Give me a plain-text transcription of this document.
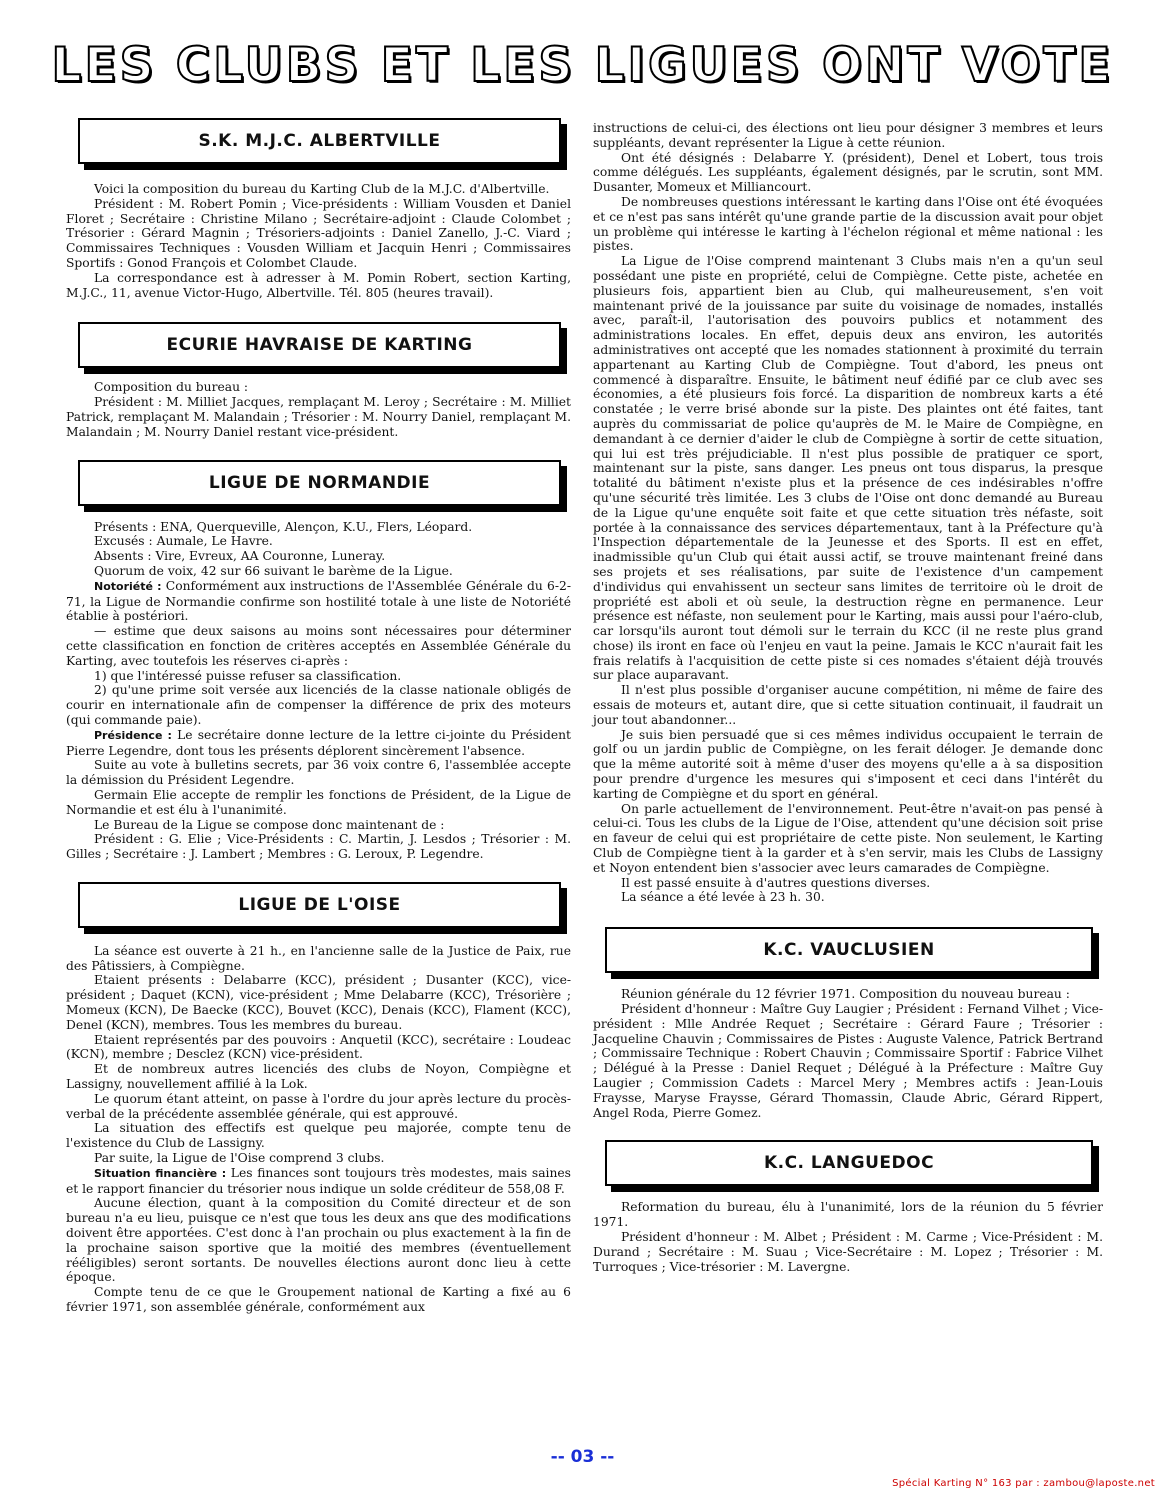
LES CLUBS ET LES LIGUES ONT VOTE
S.K. M.J.C. ALBERTVILLE

Voici la composition du bureau du Karting Club de la M.J.C. d'Albertville.

Président : M. Robert Pomin ; Vice-présidents : William Vousden et Daniel Floret ; Secrétaire : Christine Milano ; Secrétaire-adjoint : Claude Colombet ; Trésorier : Gérard Magnin ; Trésoriers-adjoints : Daniel Zanello, J.-C. Viard ; Commissaires Techniques : Vousden William et Jacquin Henri ; Commissaires Sportifs : Gonod François et Colombet Claude.

La correspondance est à adresser à M. Pomin Robert, section Karting, M.J.C., 11, avenue Victor-Hugo, Albertville. Tél. 805 (heures travail).

ECURIE HAVRAISE DE KARTING

Composition du bureau :

Président : M. Milliet Jacques, remplaçant M. Leroy ; Secrétaire : M. Milliet Patrick, remplaçant M. Malandain ; Trésorier : M. Nourry Daniel, remplaçant M. Malandain ; M. Nourry Daniel restant vice-président.

LIGUE DE NORMANDIE

Présents : ENA, Querqueville, Alençon, K.U., Flers, Léopard.

Excusés : Aumale, Le Havre.

Absents : Vire, Evreux, AA Couronne, Luneray.

Quorum de voix, 42 sur 66 suivant le barème de la Ligue.

Notoriété : Conformément aux instructions de l'Assemblée Générale du 6-2-71, la Ligue de Normandie confirme son hostilité totale à une liste de Notoriété établie à postériori.

— estime que deux saisons au moins sont nécessaires pour déterminer cette classification en fonction de critères acceptés en Assemblée Générale du Karting, avec toutefois les réserves ci-après :

1) que l'intéressé puisse refuser sa classification.

2) qu'une prime soit versée aux licenciés de la classe nationale obligés de courir en internationale afin de compenser la différence de prix des moteurs (qui commande paie).

Présidence : Le secrétaire donne lecture de la lettre ci-jointe du Président Pierre Legendre, dont tous les présents déplorent sincèrement l'absence.

Suite au vote à bulletins secrets, par 36 voix contre 6, l'assemblée accepte la démission du Président Legendre.

Germain Elie accepte de remplir les fonctions de Président, de la Ligue de Normandie et est élu à l'unanimité.

Le Bureau de la Ligue se compose donc maintenant de :

Président : G. Elie ; Vice-Présidents : C. Martin, J. Lesdos ; Trésorier : M. Gilles ; Secrétaire : J. Lambert ; Membres : G. Leroux, P. Legendre.

LIGUE DE L'OISE

La séance est ouverte à 21 h., en l'ancienne salle de la Justice de Paix, rue des Pâtissiers, à Compiègne.

Etaient présents : Delabarre (KCC), président ; Dusanter (KCC), vice-président ; Daquet (KCN), vice-président ; Mme Delabarre (KCC), Trésorière ; Momeux (KCN), De Baecke (KCC), Bouvet (KCC), Denais (KCC), Flament (KCC), Denel (KCN), membres. Tous les membres du bureau.

Etaient représentés par des pouvoirs : Anquetil (KCC), secrétaire : Loudeac (KCN), membre ; Desclez (KCN) vice-président.

Et de nombreux autres licenciés des clubs de Noyon, Compiègne et Lassigny, nouvellement affilié à la Lok.

Le quorum étant atteint, on passe à l'ordre du jour après lecture du procès-verbal de la précédente assemblée générale, qui est approuvé.

La situation des effectifs est quelque peu majorée, compte tenu de l'existence du Club de Lassigny.

Par suite, la Ligue de l'Oise comprend 3 clubs.

Situation financière : Les finances sont toujours très modestes, mais saines et le rapport financier du trésorier nous indique un solde créditeur de 558,08 F.

Aucune élection, quant à la composition du Comité directeur et de son bureau n'a eu lieu, puisque ce n'est que tous les deux ans que des modifications doivent être apportées. C'est donc à l'an prochain ou plus exactement à la fin de la prochaine saison sportive que la moitié des membres (éventuellement rééligibles) seront sortants. De nouvelles élections auront donc lieu à cette époque.

Compte tenu de ce que le Groupement national de Karting a fixé au 6 février 1971, son assemblée générale, conformément aux

instructions de celui-ci, des élections ont lieu pour désigner 3 membres et leurs suppléants, devant représenter la Ligue à cette réunion.

Ont été désignés : Delabarre Y. (président), Denel et Lobert, tous trois comme délégués. Les suppléants, également désignés, par le scrutin, sont MM. Dusanter, Momeux et Milliancourt.

De nombreuses questions intéressant le karting dans l'Oise ont été évoquées et ce n'est pas sans intérêt qu'une grande partie de la discussion avait pour objet un problème qui intéresse le karting à l'échelon régional et même national : les pistes.

La Ligue de l'Oise comprend maintenant 3 Clubs mais n'en a qu'un seul possédant une piste en propriété, celui de Compiègne. Cette piste, achetée en plusieurs fois, appartient bien au Club, qui malheureusement, s'en voit maintenant privé de la jouissance par suite du voisinage de nomades, installés avec, paraît-il, l'autorisation des pouvoirs publics et notamment des administrations locales. En effet, depuis deux ans environ, les autorités administratives ont accepté que les nomades stationnent à proximité du terrain appartenant au Karting Club de Compiègne. Tout d'abord, les pneus ont commencé à disparaître. Ensuite, le bâtiment neuf édifié par ce club avec ses économies, a été plusieurs fois forcé. La disparition de nombreux karts a été constatée ; le verre brisé abonde sur la piste. Des plaintes ont été faites, tant auprès du commissariat de police qu'auprès de M. le Maire de Compiègne, en demandant à ce dernier d'aider le club de Compiègne à sortir de cette situation, qui lui est très préjudiciable. Il n'est plus possible de pratiquer ce sport, maintenant sur la piste, sans danger. Les pneus ont tous disparus, la presque totalité du bâtiment n'existe plus et la présence de ces indésirables n'offre qu'une sécurité très limitée. Les 3 clubs de l'Oise ont donc demandé au Bureau de la Ligue qu'une enquête soit faite et que cette situation très néfaste, soit portée à la connaissance des services départementaux, tant à la Préfecture qu'à l'Inspection départementale de la Jeunesse et des Sports. Il est en effet, inadmissible qu'un Club qui était aussi actif, se trouve maintenant freiné dans ses projets et ses réalisations, par suite de l'existence d'un campement d'individus qui envahissent un secteur sans limites de territoire où le droit de propriété est aboli et où seule, la destruction règne en permanence. Leur présence est néfaste, non seulement pour le Karting, mais aussi pour l'aéro-club, car lorsqu'ils auront tout démoli sur le terrain du KCC (il ne reste plus grand chose) ils iront en face où l'enjeu en vaut la peine. Jamais le KCC n'aurait fait les frais relatifs à l'acquisition de cette piste si ces nomades s'étaient déjà trouvés sur place auparavant.

Il n'est plus possible d'organiser aucune compétition, ni même de faire des essais de moteurs et, autant dire, que si cette situation continuait, il faudrait un jour tout abandonner...

Je suis bien persuadé que si ces mêmes individus occupaient le terrain de golf ou un jardin public de Compiègne, on les ferait déloger. Je demande donc que la même autorité soit à même d'user des moyens qu'elle a à sa disposition pour prendre d'urgence les mesures qui s'imposent et ceci dans l'intérêt du karting de Compiègne et du sport en général.

On parle actuellement de l'environnement. Peut-être n'avait-on pas pensé à celui-ci. Tous les clubs de la Ligue de l'Oise, attendent qu'une décision soit prise en faveur de celui qui est propriétaire de cette piste. Non seulement, le Karting Club de Compiègne tient à la garder et à s'en servir, mais les Clubs de Lassigny et Noyon entendent bien s'associer avec leurs camarades de Compiègne.

Il est passé ensuite à d'autres questions diverses.

La séance a été levée à 23 h. 30.

K.C. VAUCLUSIEN

Réunion générale du 12 février 1971. Composition du nouveau bureau :

Président d'honneur : Maître Guy Laugier ; Président : Fernand Vilhet ; Vice-président : Mlle Andrée Requet ; Secrétaire : Gérard Faure ; Trésorier : Jacqueline Chauvin ; Commissaires de Pistes : Auguste Valence, Patrick Bertrand ; Commissaire Technique : Robert Chauvin ; Commissaire Sportif : Fabrice Vilhet ; Délégué à la Presse : Daniel Requet ; Délégué à la Préfecture : Maître Guy Laugier ; Commission Cadets : Marcel Mery ; Membres actifs : Jean-Louis Fraysse, Maryse Fraysse, Gérard Thomassin, Claude Abric, Gérard Rippert, Angel Roda, Pierre Gomez.

K.C. LANGUEDOC

Reformation du bureau, élu à l'unanimité, lors de la réunion du 5 février 1971.

Président d'honneur : M. Albet ; Président : M. Carme ; Vice-Président : M. Durand ; Secrétaire : M. Suau ; Vice-Secrétaire : M. Lopez ; Trésorier : M. Turroques ; Vice-trésorier : M. Lavergne.

-- 03 --
Spécial Karting N° 163 par : zambou@laposte.net
